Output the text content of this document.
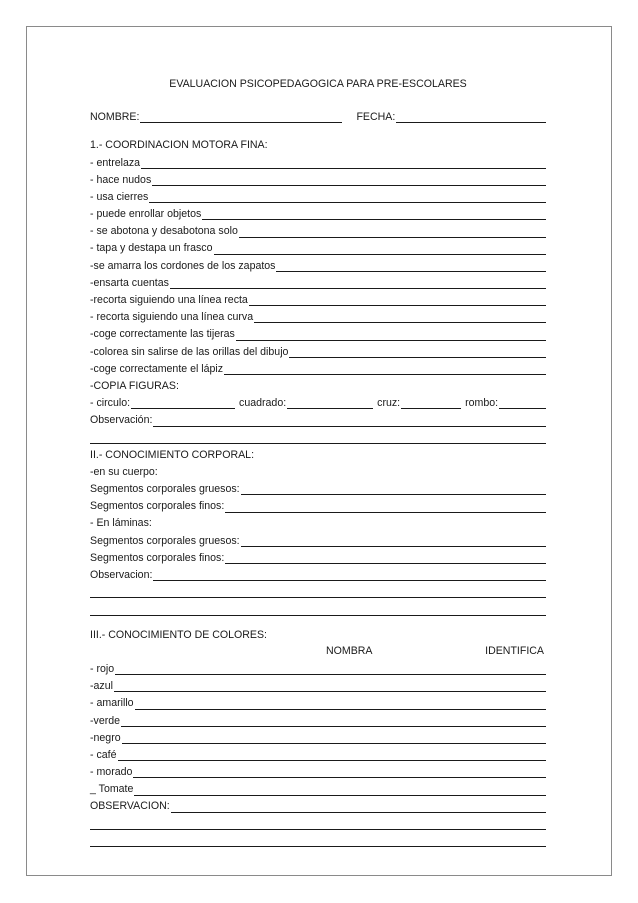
EVALUACION PSICOPEDAGOGICA PARA PRE-ESCOLARES
NOMBRE:	FECHA:
1.- COORDINACION MOTORA FINA:
- entrelaza
- hace nudos
- usa cierres
- puede enrollar objetos
- se abotona y desabotona solo
- tapa y destapa un frasco
-se amarra los cordones de los zapatos
-ensarta cuentas
-recorta siguiendo una línea recta
- recorta siguiendo una línea curva
-coge correctamente las tijeras
-colorea sin salirse de las orillas del dibujo
-coge correctamente el lápiz
-COPIA FIGURAS:
- circulo:	cuadrado:	cruz:	rombo:
Observación:
II.- CONOCIMIENTO CORPORAL:
-en su cuerpo:
Segmentos corporales gruesos:
Segmentos corporales finos:
- En láminas:
Segmentos corporales gruesos:
Segmentos corporales finos:
Observacion:
III.- CONOCIMIENTO DE COLORES:
NOMBRA	IDENTIFICA
- rojo
-azul
- amarillo
-verde
-negro
- café
- morado
_ Tomate
OBSERVACION:
